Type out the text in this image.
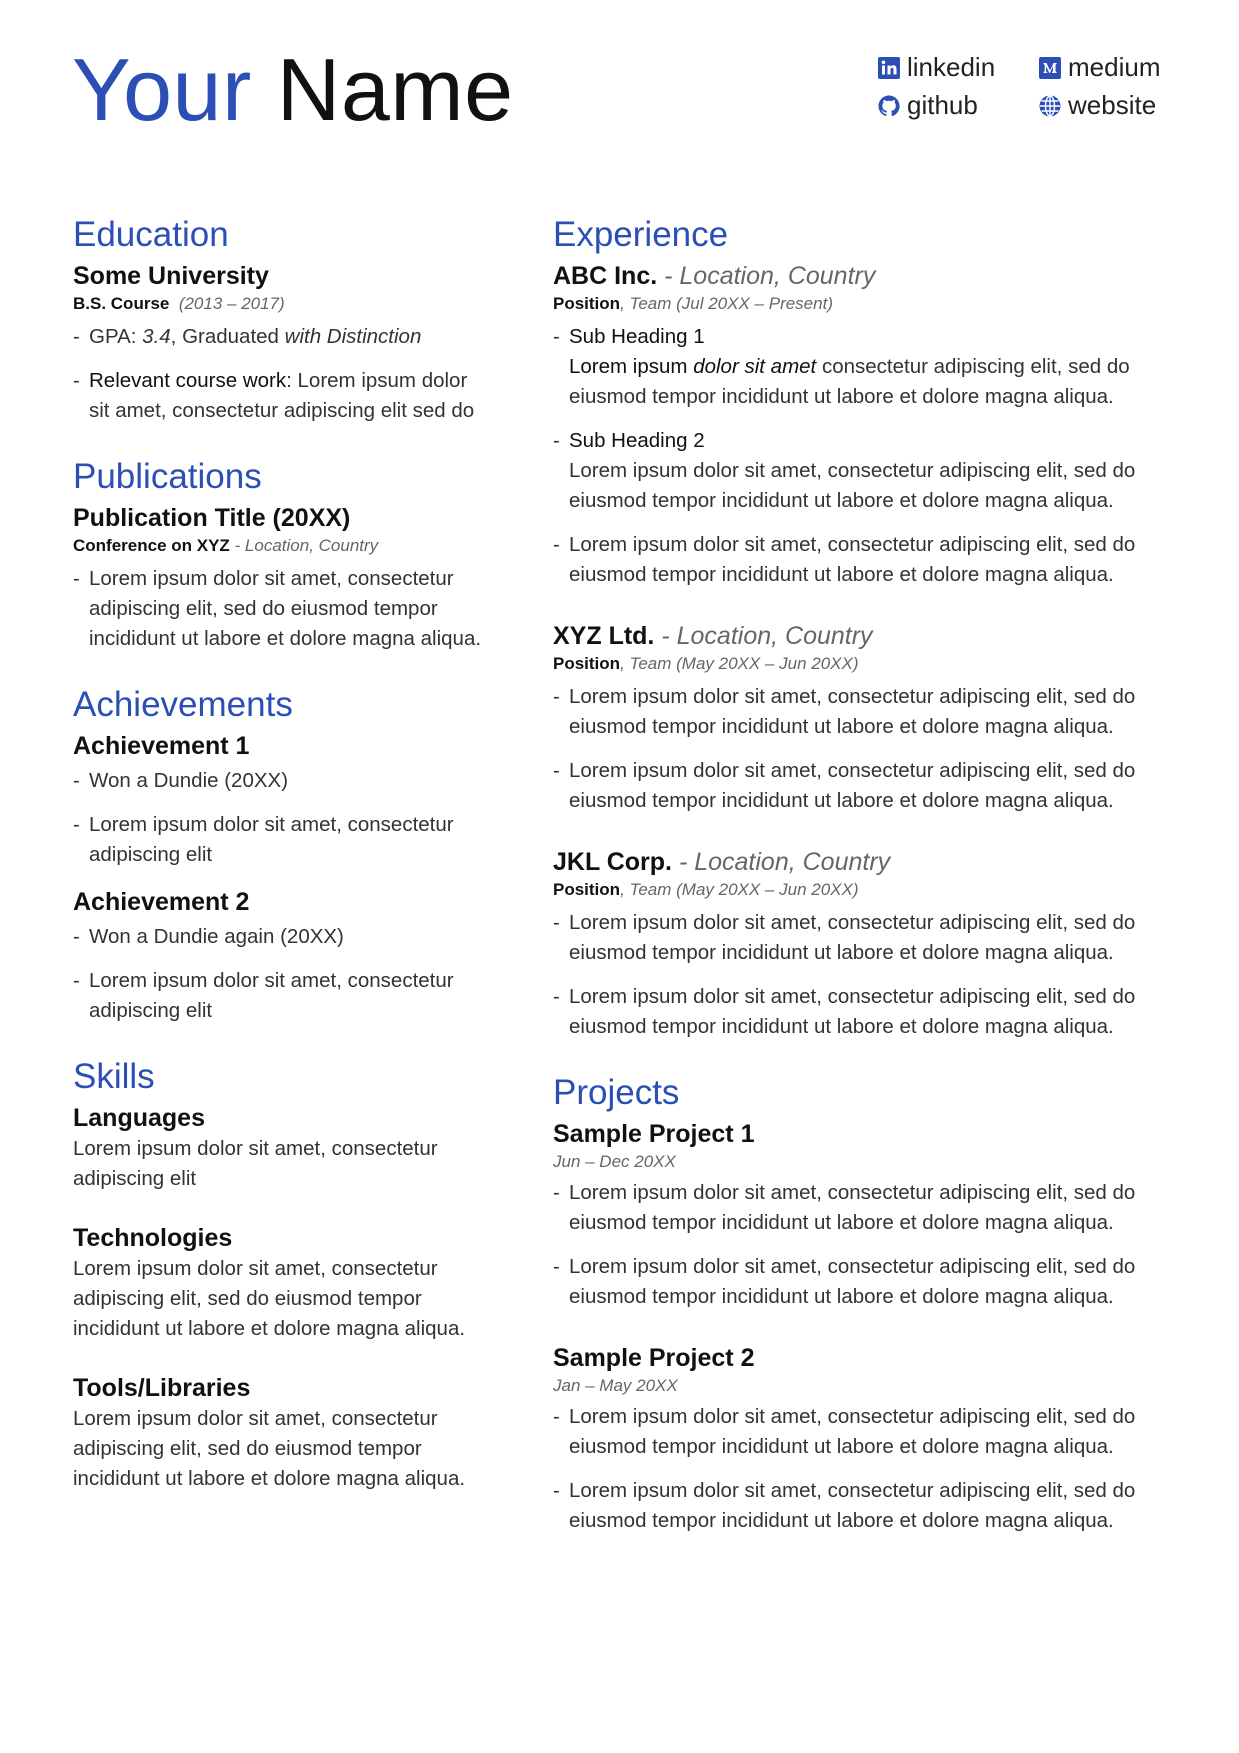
Your Name	linkedin	medium
github	website
Education
Some University
B.S. Course (2013 – 2017)
- GPA: 3.4, Graduated with Distinction
- Relevant course work: Lorem ipsum dolor sit amet, consectetur adipiscing elit sed do
Publications
Publication Title (20XX)
Conference on XYZ - Location, Country
- Lorem ipsum dolor sit amet, consectetur adipiscing elit, sed do eiusmod tempor incididunt ut labore et dolore magna aliqua.
Achievements
Achievement 1
- Won a Dundie (20XX)
- Lorem ipsum dolor sit amet, consectetur adipiscing elit
Achievement 2
- Won a Dundie again (20XX)
- Lorem ipsum dolor sit amet, consectetur adipiscing elit
Skills
Languages
Lorem ipsum dolor sit amet, consectetur adipiscing elit
Technologies
Lorem ipsum dolor sit amet, consectetur adipiscing elit, sed do eiusmod tempor incididunt ut labore et dolore magna aliqua.
Tools/Libraries
Lorem ipsum dolor sit amet, consectetur adipiscing elit, sed do eiusmod tempor incididunt ut labore et dolore magna aliqua.
Experience
ABC Inc. - Location, Country
Position, Team (Jul 20XX – Present)
- Sub Heading 1
Lorem ipsum dolor sit amet consectetur adipiscing elit, sed do eiusmod tempor incididunt ut labore et dolore magna aliqua.
- Sub Heading 2
Lorem ipsum dolor sit amet, consectetur adipiscing elit, sed do eiusmod tempor incididunt ut labore et dolore magna aliqua.
- Lorem ipsum dolor sit amet, consectetur adipiscing elit, sed do eiusmod tempor incididunt ut labore et dolore magna aliqua.
XYZ Ltd. - Location, Country
Position, Team (May 20XX – Jun 20XX)
- Lorem ipsum dolor sit amet, consectetur adipiscing elit, sed do eiusmod tempor incididunt ut labore et dolore magna aliqua.
- Lorem ipsum dolor sit amet, consectetur adipiscing elit, sed do eiusmod tempor incididunt ut labore et dolore magna aliqua.
JKL Corp. - Location, Country
Position, Team (May 20XX – Jun 20XX)
- Lorem ipsum dolor sit amet, consectetur adipiscing elit, sed do eiusmod tempor incididunt ut labore et dolore magna aliqua.
- Lorem ipsum dolor sit amet, consectetur adipiscing elit, sed do eiusmod tempor incididunt ut labore et dolore magna aliqua.
Projects
Sample Project 1
Jun – Dec 20XX
- Lorem ipsum dolor sit amet, consectetur adipiscing elit, sed do eiusmod tempor incididunt ut labore et dolore magna aliqua.
- Lorem ipsum dolor sit amet, consectetur adipiscing elit, sed do eiusmod tempor incididunt ut labore et dolore magna aliqua.
Sample Project 2
Jan – May 20XX
- Lorem ipsum dolor sit amet, consectetur adipiscing elit, sed do eiusmod tempor incididunt ut labore et dolore magna aliqua.
- Lorem ipsum dolor sit amet, consectetur adipiscing elit, sed do eiusmod tempor incididunt ut labore et dolore magna aliqua.
